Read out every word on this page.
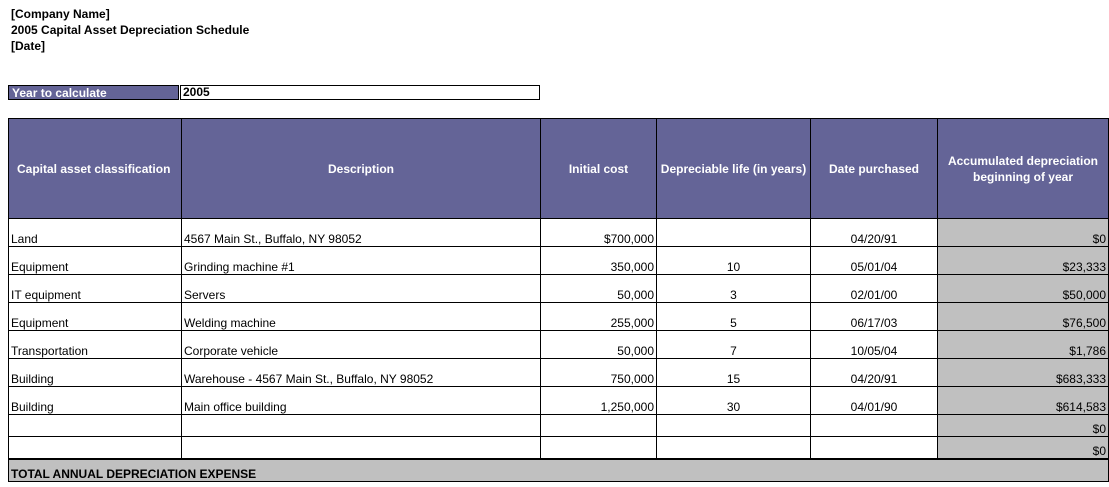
[Company Name]
2005 Capital Asset Depreciation Schedule
[Date]
Year to calculate	2005
Capital asset classification	Description	Initial cost	Depreciable life (in years)	Date purchased	Accumulated depreciation beginning of year
Land	4567 Main St., Buffalo, NY 98052	$700,000		04/20/91	$0
Equipment	Grinding machine #1	350,000	10	05/01/04	$23,333
IT equipment	Servers	50,000	3	02/01/00	$50,000
Equipment	Welding machine	255,000	5	06/17/03	$76,500
Transportation	Corporate vehicle	50,000	7	10/05/04	$1,786
Building	Warehouse - 4567 Main St., Buffalo, NY 98052	750,000	15	04/20/91	$683,333
Building	Main office building	1,250,000	30	04/01/90	$614,583
					$0
					$0
TOTAL ANNUAL DEPRECIATION EXPENSE					
